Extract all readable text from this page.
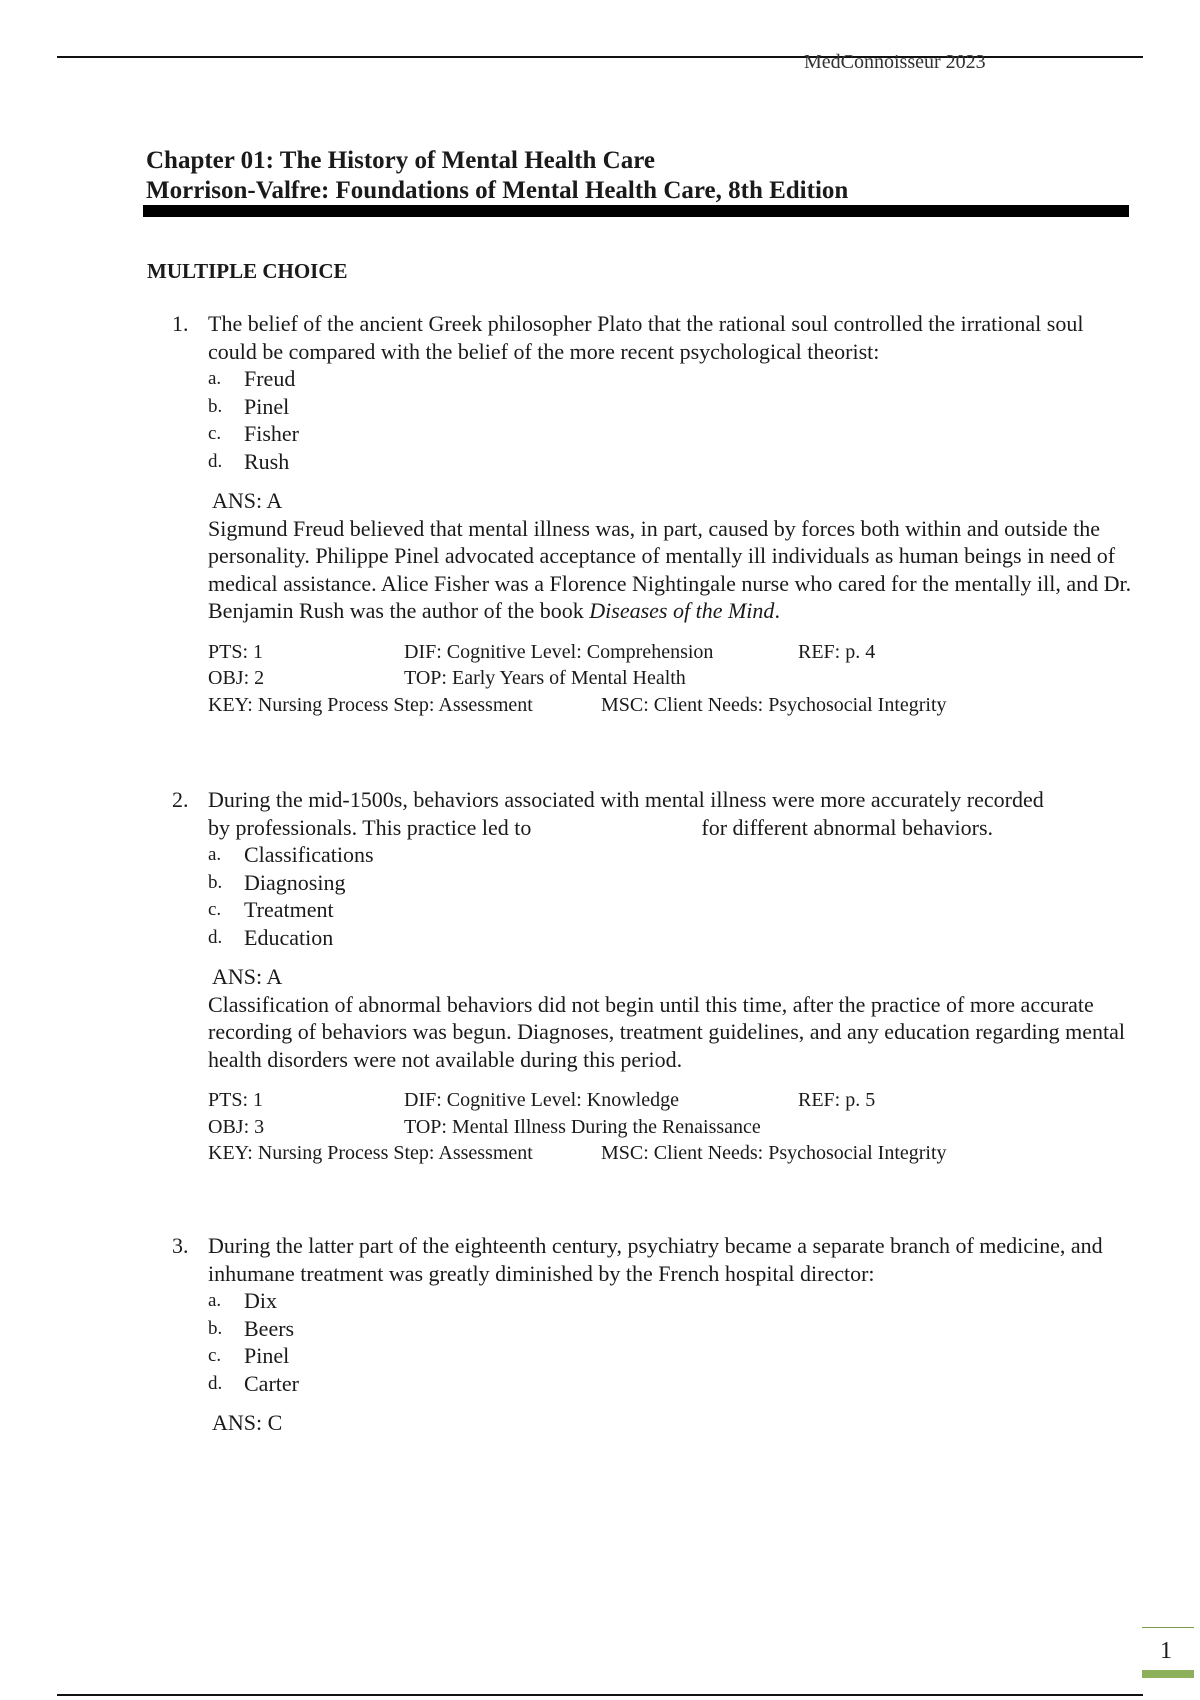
MedConnoisseur 2023
Chapter 01: The History of Mental Health Care
Morrison-Valfre: Foundations of Mental Health Care, 8th Edition
MULTIPLE CHOICE
1. The belief of the ancient Greek philosopher Plato that the rational soul controlled the irrational soul could be compared with the belief of the more recent psychological theorist:

a.	Freud
b. Pinel
c.	Fisher
d. Rush
ANS: A

Sigmund Freud believed that mental illness was, in part, caused by forces both within and outside the personality. Philippe Pinel advocated acceptance of mentally ill individuals as human beings in need of medical assistance. Alice Fisher was a Florence Nightingale nurse who cared for the mentally ill, and Dr. Benjamin Rush was the author of the book Diseases of the Mind.

PTS: 1	DIF: Cognitive Level: Comprehension	REF: p. 4
OBJ: 2	TOP: Early Years of Mental Health
KEY: Nursing Process Step: Assessment	MSC: Client Needs: Psychosocial Integrity
2. During the mid-1500s, behaviors associated with mental illness were more accurately recorded by professionals. This practice led to	for different abnormal behaviors.

a.	Classifications
b. Diagnosing
c.	Treatment
d. Education
ANS: A

Classification of abnormal behaviors did not begin until this time, after the practice of more accurate recording of behaviors was begun. Diagnoses, treatment guidelines, and any education regarding mental health disorders were not available during this period.

PTS: 1	DIF: Cognitive Level: Knowledge	REF: p. 5
OBJ: 3	TOP: Mental Illness During the Renaissance
KEY: Nursing Process Step: Assessment	MSC: Client Needs: Psychosocial Integrity
3. During the latter part of the eighteenth century, psychiatry became a separate branch of medicine, and inhumane treatment was greatly diminished by the French hospital director:

a.	Dix
b. Beers
c.	Pinel
d. Carter
ANS: C
1
